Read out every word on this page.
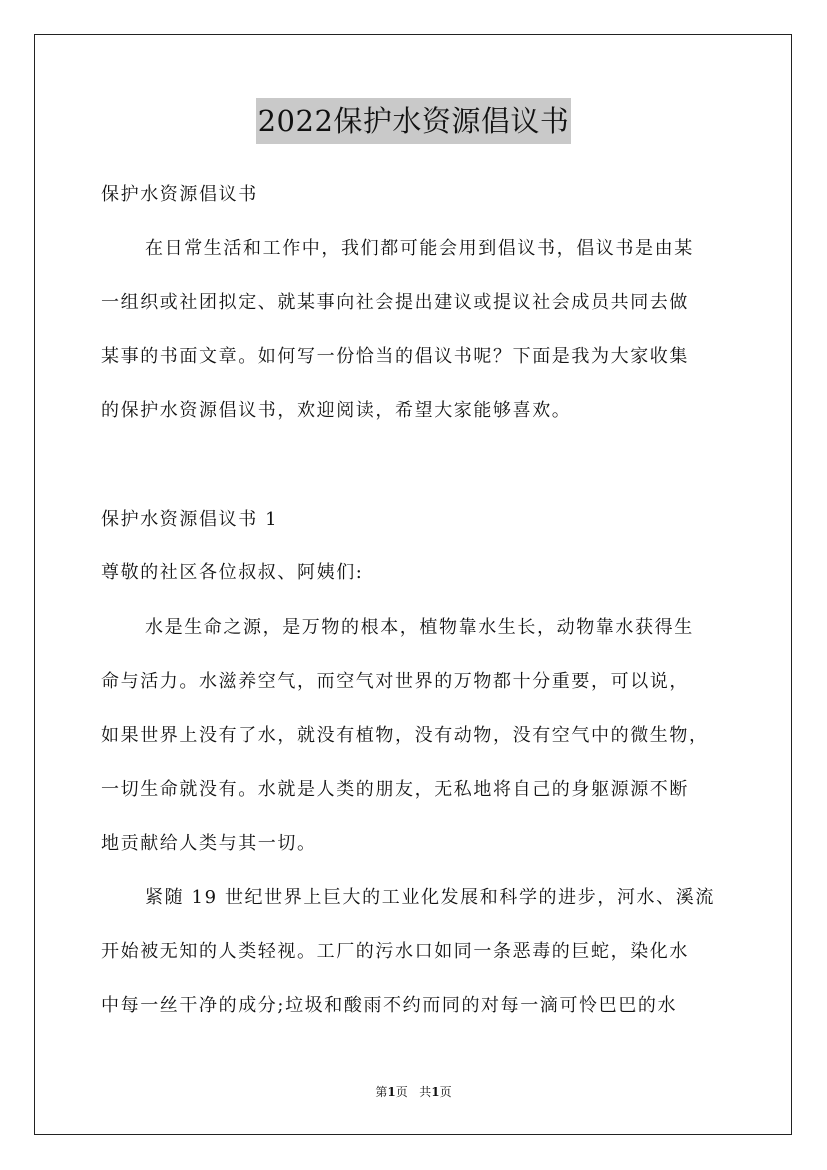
2022保护水资源倡议书
保护水资源倡议书
在日常生活和工作中，我们都可能会用到倡议书，倡议书是由某
一组织或社团拟定、就某事向社会提出建议或提议社会成员共同去做
某事的书面文章。如何写一份恰当的倡议书呢？下面是我为大家收集
的保护水资源倡议书，欢迎阅读，希望大家能够喜欢。
保护水资源倡议书 1
尊敬的社区各位叔叔、阿姨们:
水是生命之源，是万物的根本，植物靠水生长，动物靠水获得生
命与活力。水滋养空气，而空气对世界的万物都十分重要，可以说，
如果世界上没有了水，就没有植物，没有动物，没有空气中的微生物，
一切生命就没有。水就是人类的朋友，无私地将自己的身躯源源不断
地贡献给人类与其一切。
紧随 19 世纪世界上巨大的工业化发展和科学的进步，河水、溪流
开始被无知的人类轻视。工厂的污水口如同一条恶毒的巨蛇，染化水
中每一丝干净的成分;垃圾和酸雨不约而同的对每一滴可怜巴巴的水
第1页 共1页
